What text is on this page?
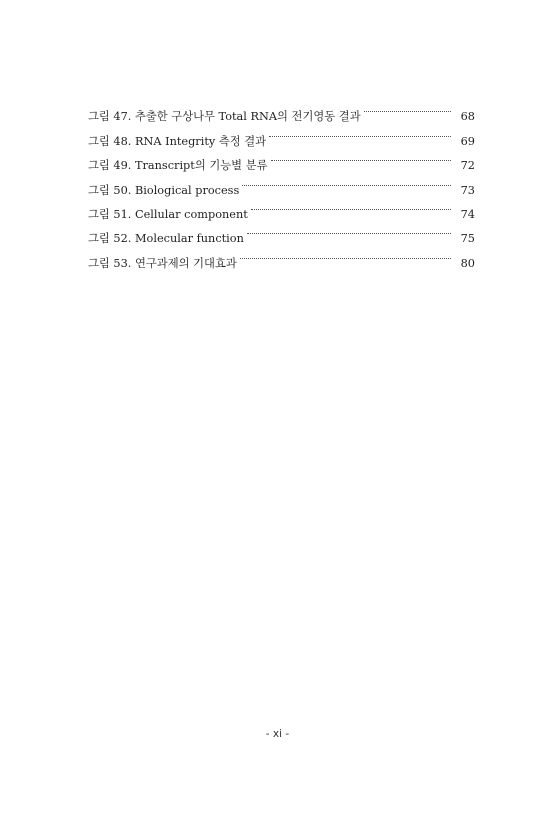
그림 47. 추출한 구상나무 Total RNA의 전기영동 결과	68
그림 48. RNA Integrity 측정 결과	69
그림 49. Transcript의 기능별 분류	72
그림 50. Biological process	73
그림 51. Cellular component	74
그림 52. Molecular function	75
그림 53. 연구과제의 기대효과	80
- xi -
